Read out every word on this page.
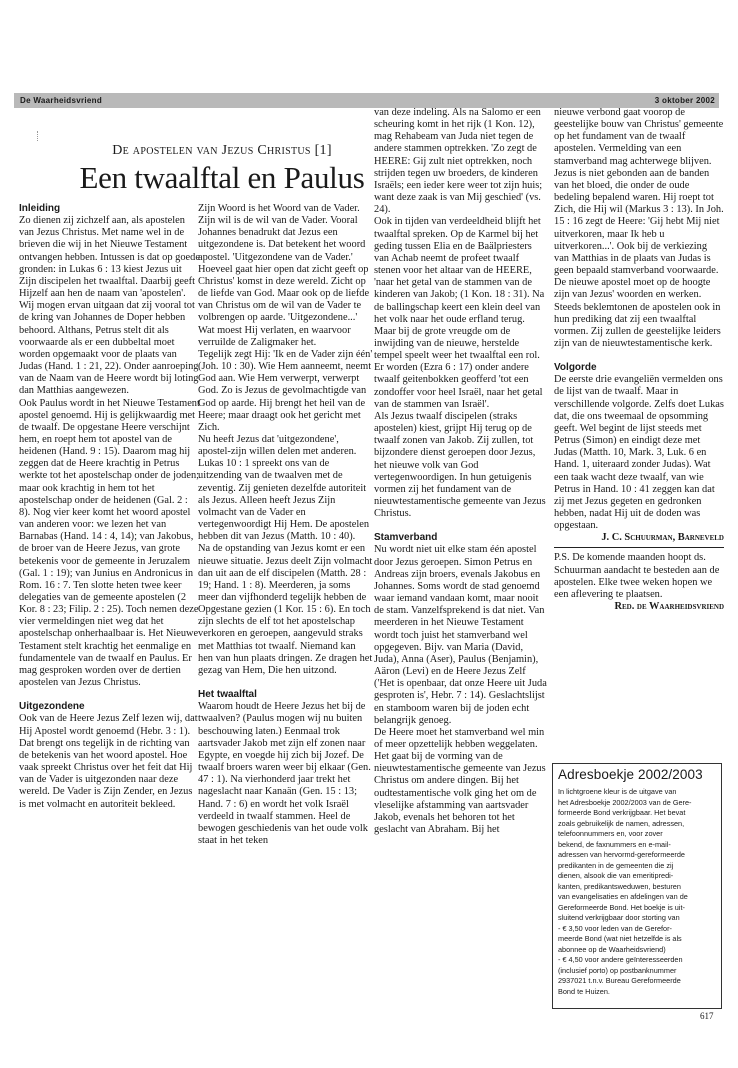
De Waarheidsvriend	3 oktober 2002
De apostelen van Jezus Christus [1]
Een twaalftal en Paulus

Inleiding

Zo dienen zij zichzelf aan, als apostelen van Jezus Christus. Met name wel in de brieven die wij in het Nieuwe Testament ontvangen hebben. Intussen is dat op goede gronden: in Lukas 6 : 13 kiest Jezus uit Zijn discipelen het twaalftal. Daarbij geeft Hijzelf aan hen de naam van 'apostelen'. Wij mogen ervan uitgaan dat zij vooral tot de kring van Johannes de Doper hebben behoord. Althans, Petrus stelt dit als voorwaarde als er een dubbeltal moet worden opgemaakt voor de plaats van Judas (Hand. 1 : 21, 22). Onder aanroeping van de Naam van de Heere wordt bij loting dan Matthias aangewezen.

Ook Paulus wordt in het Nieuwe Testament apostel genoemd. Hij is gelijkwaardig met de twaalf. De opgestane Heere verschijnt hem, en roept hem tot apostel van de heidenen (Hand. 9 : 15). Daarom mag hij zeggen dat de Heere krachtig in Petrus werkte tot het apostelschap onder de joden; maar ook krachtig in hem tot het apostelschap onder de heidenen (Gal. 2 : 8). Nog vier keer komt het woord apostel van anderen voor: we lezen het van Barnabas (Hand. 14 : 4, 14); van Jakobus, de broer van de Heere Jezus, van grote betekenis voor de gemeente in Jeruzalem (Gal. 1 : 19); van Junius en Andronicus in Rom. 16 : 7. Ten slotte heten twee keer delegaties van de gemeente apostelen (2 Kor. 8 : 23; Filip. 2 : 25). Toch nemen deze vier vermeldingen niet weg dat het apostelschap onherhaalbaar is. Het Nieuwe Testament stelt krachtig het eenmalige en fundamentele van de twaalf en Paulus. Er mag gesproken worden over de dertien apostelen van Jezus Christus.

Uitgezondene

Ook van de Heere Jezus Zelf lezen wij, dat Hij Apostel wordt genoemd (Hebr. 3 : 1). Dat brengt ons tegelijk in de richting van de betekenis van het woord apostel. Hoe vaak spreekt Christus over het feit dat Hij van de Vader is uitgezonden naar deze wereld. De Vader is Zijn Zender, en Jezus is met volmacht en autoriteit bekleed.

Zijn Woord is het Woord van de Vader. Zijn wil is de wil van de Vader. Vooral Johannes benadrukt dat Jezus een uitgezondene is. Dat betekent het woord apostel. 'Uitgezondene van de Vader.' Hoeveel gaat hier open dat zicht geeft op Christus' komst in deze wereld. Zicht op de liefde van God. Maar ook op de liefde van Christus om de wil van de Vader te volbrengen op aarde. 'Uitgezondene...' Wat moest Hij verlaten, en waarvoor verruilde de Zaligmaker het.

Tegelijk zegt Hij: 'Ik en de Vader zijn één' (Joh. 10 : 30). Wie Hem aanneemt, neemt God aan. Wie Hem verwerpt, verwerpt God. Zo is Jezus de gevolmachtigde van God op aarde. Hij brengt het heil van de Heere; maar draagt ook het gericht met Zich.

Nu heeft Jezus dat 'uitgezondene', apostel-zijn willen delen met anderen. Lukas 10 : 1 spreekt ons van de uitzending van de twaalven met de zeventig. Zij genieten dezelfde autoriteit als Jezus. Alleen heeft Jezus Zijn volmacht van de Vader en vertegenwoordigt Hij Hem. De apostelen hebben dit van Jezus (Matth. 10 : 40).

Na de opstanding van Jezus komt er een nieuwe situatie. Jezus deelt Zijn volmacht dan uit aan de elf discipelen (Matth. 28 : 19; Hand. 1 : 8). Meerderen, ja soms meer dan vijfhonderd tegelijk hebben de Opgestane gezien (1 Kor. 15 : 6). En toch zijn slechts de elf tot het apostelschap verkoren en geroepen, aangevuld straks met Matthias tot twaalf. Niemand kan hen van hun plaats dringen. Ze dragen het gezag van Hem, Die hen uitzond.

Het twaalftal

Waarom houdt de Heere Jezus het bij de twaalven? (Paulus mogen wij nu buiten beschouwing laten.) Eenmaal trok aartsvader Jakob met zijn elf zonen naar Egypte, en voegde hij zich bij Jozef. De twaalf broers waren weer bij elkaar (Gen. 47 : 1). Na vierhonderd jaar trekt het nageslacht naar Kanaän (Gen. 15 : 13; Hand. 7 : 6) en wordt het volk Israël verdeeld in twaalf stammen. Heel de bewogen geschiedenis van het oude volk staat in het teken

van deze indeling. Als na Salomo er een scheuring komt in het rijk (1 Kon. 12), mag Rehabeam van Juda niet tegen de andere stammen optrekken. 'Zo zegt de HEERE: Gij zult niet optrekken, noch strijden tegen uw broeders, de kinderen Israëls; een ieder kere weer tot zijn huis; want deze zaak is van Mij geschied' (vs. 24).

Ook in tijden van verdeeldheid blijft het twaalftal spreken. Op de Karmel bij het geding tussen Elia en de Baälpriesters van Achab neemt de profeet twaalf stenen voor het altaar van de HEERE, 'naar het getal van de stammen van de kinderen van Jakob; (1 Kon. 18 : 31). Na de ballingschap keert een klein deel van het volk naar het oude erfland terug. Maar bij de grote vreugde om de inwijding van de nieuwe, herstelde tempel speelt weer het twaalftal een rol. Er worden (Ezra 6 : 17) onder andere twaalf geitenbokken geofferd 'tot een zondoffer voor heel Israël, naar het getal van de stammen van Israël'.

Als Jezus twaalf discipelen (straks apostelen) kiest, grijpt Hij terug op de twaalf zonen van Jakob. Zij zullen, tot bijzondere dienst geroepen door Jezus, het nieuwe volk van God vertegenwoordigen. In hun getuigenis vormen zij het fundament van de nieuwtestamentische gemeente van Jezus Christus.

Stamverband

Nu wordt niet uit elke stam één apostel door Jezus geroepen. Simon Petrus en Andreas zijn broers, evenals Jakobus en Johannes. Soms wordt de stad genoemd waar iemand vandaan komt, maar nooit de stam. Vanzelfsprekend is dat niet. Van meerderen in het Nieuwe Testament wordt toch juist het stamverband wel opgegeven. Bijv. van Maria (David, Juda), Anna (Aser), Paulus (Benjamin), Aäron (Levi) en de Heere Jezus Zelf ('Het is openbaar, dat onze Heere uit Juda gesproten is', Hebr. 7 : 14). Geslachtslijst en stamboom waren bij de joden echt belangrijk genoeg.

De Heere moet het stamverband wel min of meer opzettelijk hebben weggelaten. Het gaat bij de vorming van de nieuwtestamentische gemeente van Jezus Christus om andere dingen. Bij het oudtestamentische volk ging het om de vleselijke afstamming van aartsvader Jakob, evenals het behoren tot het geslacht van Abraham. Bij het

nieuwe verbond gaat voorop de geestelijke bouw van Christus' gemeente op het fundament van de twaalf apostelen. Vermelding van een stamverband mag achterwege blijven. Jezus is niet gebonden aan de banden van het bloed, die onder de oude bedeling bepalend waren. Hij roept tot Zich, die Hij wil (Markus 3 : 13). In Joh. 15 : 16 zegt de Heere: 'Gij hebt Mij niet uitverkoren, maar Ik heb u uitverkoren...'. Ook bij de verkiezing van Matthias in de plaats van Judas is geen bepaald stamverband voorwaarde. De nieuwe apostel moet op de hoogte zijn van Jezus' woorden en werken. Steeds beklemtonen de apostelen ook in hun prediking dat zij een twaalftal vormen. Zij zullen de geestelijke leiders zijn van de nieuwtestamentische kerk.

Volgorde

De eerste drie evangeliën vermelden ons de lijst van de twaalf. Maar in verschillende volgorde. Zelfs doet Lukas dat, die ons tweemaal de opsomming geeft. Wel begint de lijst steeds met Petrus (Simon) en eindigt deze met Judas (Matth. 10, Mark. 3, Luk. 6 en Hand. 1, uiteraard zonder Judas). Wat een taak wacht deze twaalf, van wie Petrus in Hand. 10 : 41 zeggen kan dat zij met Jezus gegeten en gedronken hebben, nadat Hij uit de doden was opgestaan.

J. C. Schuurman, Barneveld

P.S. De komende maanden hoopt ds. Schuurman aandacht te besteden aan de apostelen. Elke twee weken hopen we een aflevering te plaatsen.

Red. de Waarheidsvriend

Adresboekje 2002/2003

In lichtgroene kleur is de uitgave van

het Adresboekje 2002/2003 van de Gere-

formeerde Bond verkrijgbaar. Het bevat

zoals gebruikelijk de namen, adressen,

telefoonnummers en, voor zover

bekend, de faxnummers en e-mail-

adressen van hervormd-gereformeerde

predikanten in de gemeenten die zij

dienen, alsook die van emeritipredi-

kanten, predikantsweduwen, besturen

van evangelisaties en afdelingen van de

Gereformeerde Bond. Het boekje is uit-

sluitend verkrijgbaar door storting van

- € 3,50 voor leden van de Gerefor-

meerde Bond (wat niet hetzelfde is als

abonnee op de Waarheidsvriend)

- € 4,50 voor andere geïnteresseerden

(inclusief porto) op postbanknummer

2937021 t.n.v. Bureau Gereformeerde

Bond te Huizen.

617
